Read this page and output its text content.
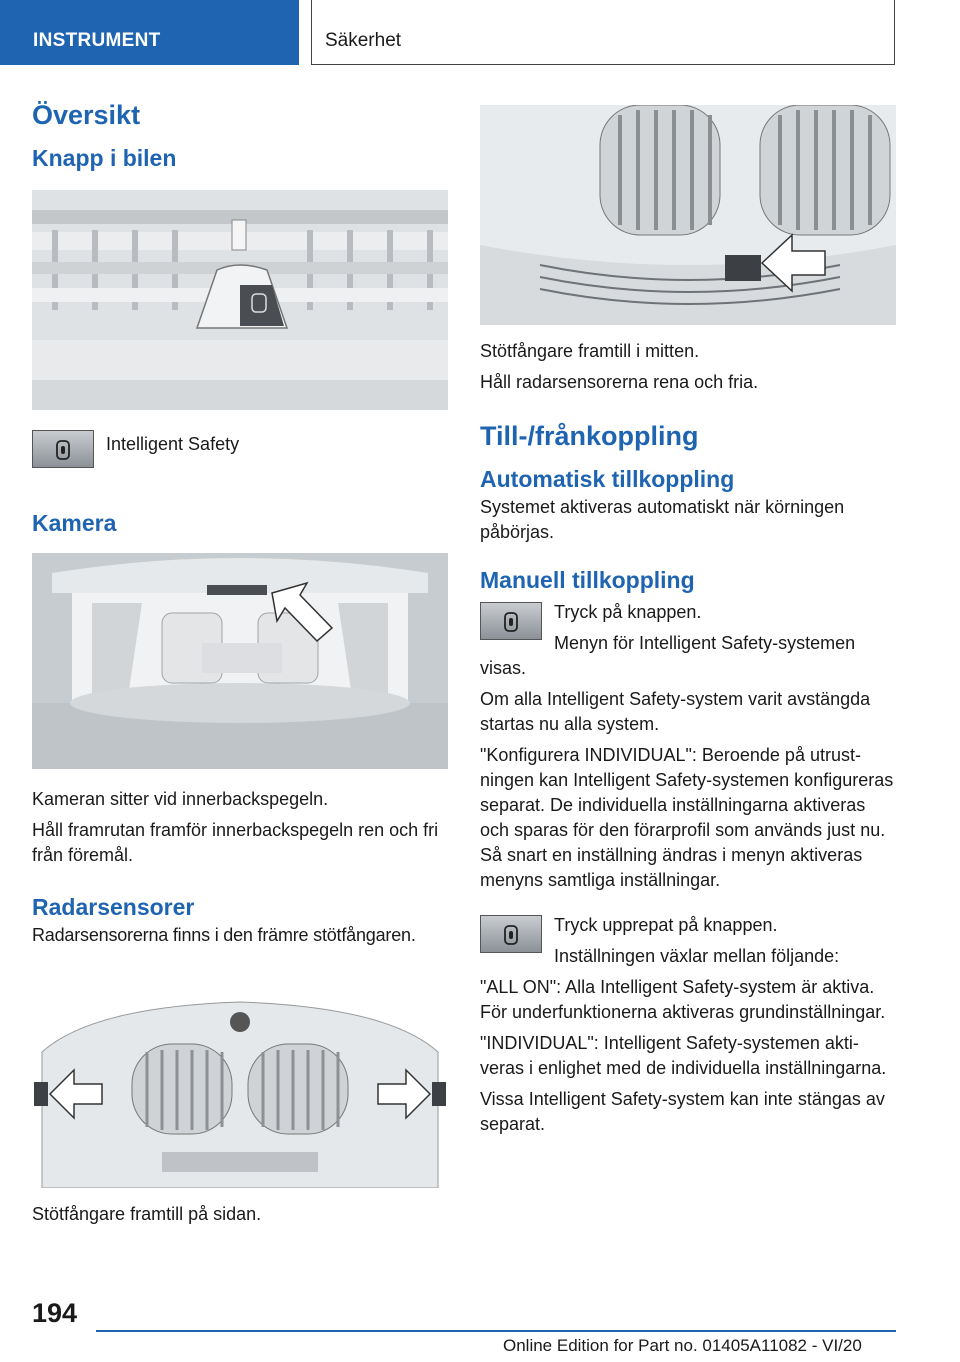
INSTRUMENT	Säkerhet
Översikt
Knapp i bilen

Intelligent Safety

Kamera

Kameran sitter vid innerbackspegeln.

Håll framrutan framför innerbackspegeln ren och fri från föremål.

Radarsensorer

Radarsensorerna finns i den främre stötfångaren.

Stötfångare framtill på sidan.

Stötfångare framtill i mitten.

Håll radarsensorerna rena och fria.

Till-/frånkoppling
Automatisk tillkoppling

Systemet aktiveras automatiskt när körningen påbörjas.

Manuell tillkoppling

Tryck på knappen.

Menyn för Intelligent Safety-systemen visas.

Om alla Intelligent Safety-system varit avstängda startas nu alla system.

"Konfigurera INDIVIDUAL": Beroende på utrustningen kan Intelligent Safety-systemen konfigureras separat. De individuella inställningarna aktiveras och sparas för den förarprofil som används just nu. Så snart en inställning ändras i menyn aktiveras menyns samtliga inställningar.

Tryck upprepat på knappen.

Inställningen växlar mellan följande:

"ALL ON": Alla Intelligent Safety-system är aktiva. För underfunktionerna aktiveras grundinställningar.

"INDIVIDUAL": Intelligent Safety-systemen aktiveras i enlighet med de individuella inställningarna.

Vissa Intelligent Safety-system kan inte stängas av separat.

194
Online Edition for Part no. 01405A11082 - VI/20
